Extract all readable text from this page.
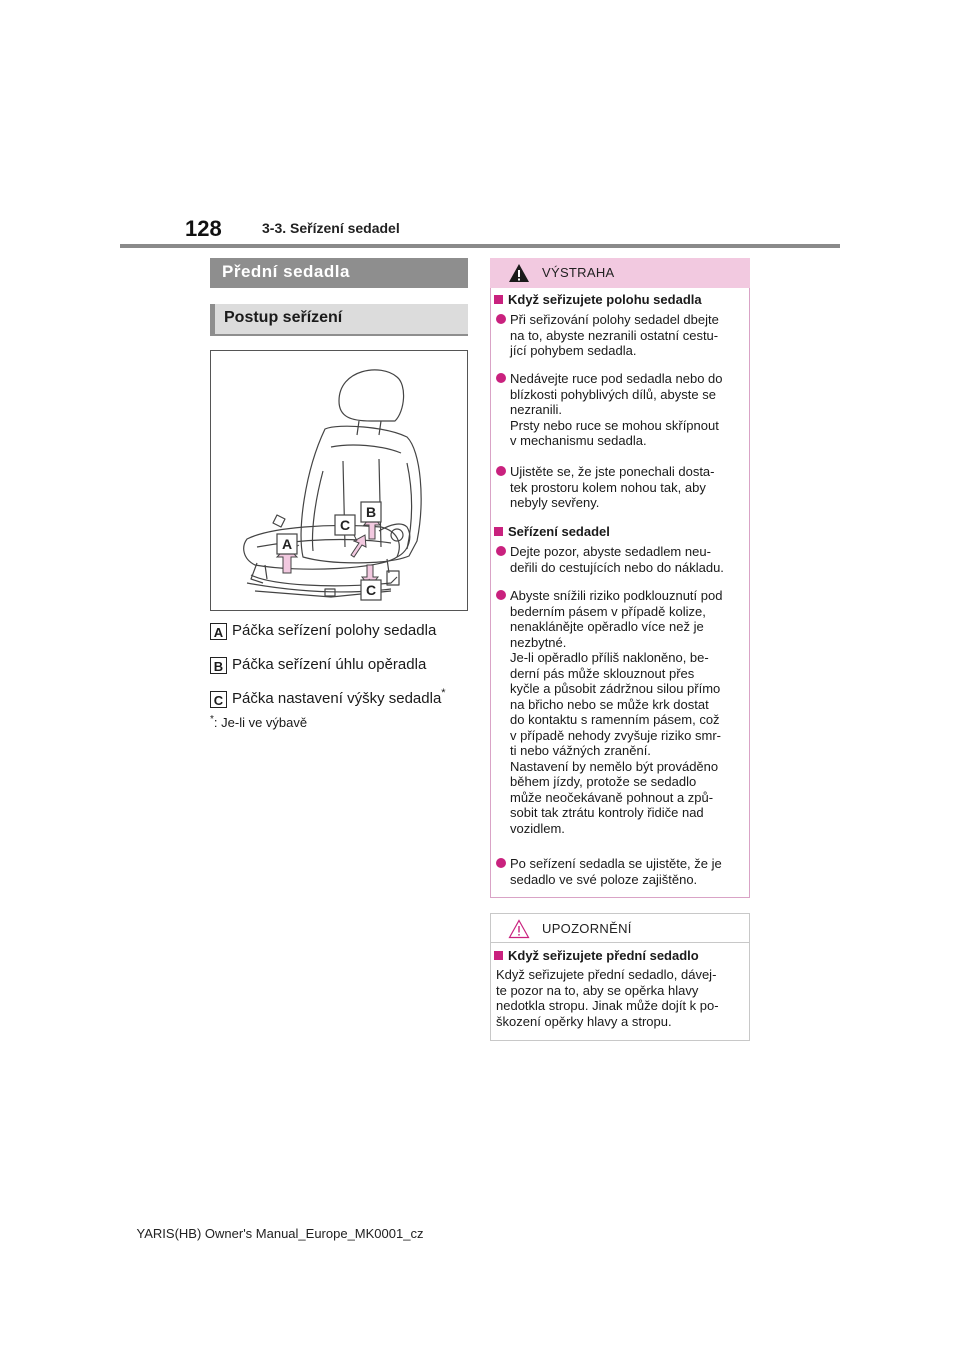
128	3-3. Seřízení sedadel
Přední sedadla
Postup seřízení
A
C
B
C
A Páčka seřízení polohy sedadla
B Páčka seřízení úhlu opěradla
C Páčka nastavení výšky sedadla*
*: Je-li ve výbavě
VÝSTRAHA
Když seřizujete polohu sedadla
Při seřizování polohy sedadel dbejte
na to, abyste nezranili ostatní cestu-
jící pohybem sedadla.
Nedávejte ruce pod sedadla nebo do
blízkosti pohyblivých dílů, abyste se
nezranili.
Prsty nebo ruce se mohou skřípnout
v mechanismu sedadla.
Ujistěte se, že jste ponechali dosta-
tek prostoru kolem nohou tak, aby
nebyly sevřeny.
Seřízení sedadel
Dejte pozor, abyste sedadlem neu-
deřili do cestujících nebo do nákladu.
Abyste snížili riziko podklouznutí pod
bederním pásem v případě kolize,
nenaklánějte opěradlo více než je
nezbytné.
Je-li opěradlo příliš nakloněno, be-
derní pás může sklouznout přes
kyčle a působit zádržnou silou přímo
na břicho nebo se může krk dostat
do kontaktu s ramenním pásem, což
v případě nehody zvyšuje riziko smr-
ti nebo vážných zranění.
Nastavení by nemělo být prováděno
během jízdy, protože se sedadlo
může neočekávaně pohnout a způ-
sobit tak ztrátu kontroly řidiče nad
vozidlem.
Po seřízení sedadla se ujistěte, že je
sedadlo ve své poloze zajištěno.
UPOZORNĚNÍ
Když seřizujete přední sedadlo
Když seřizujete přední sedadlo, dávej-
te pozor na to, aby se opěrka hlavy
nedotkla stropu. Jinak může dojít k po-
škození opěrky hlavy a stropu.
YARIS(HB) Owner's Manual_Europe_MK0001_cz
